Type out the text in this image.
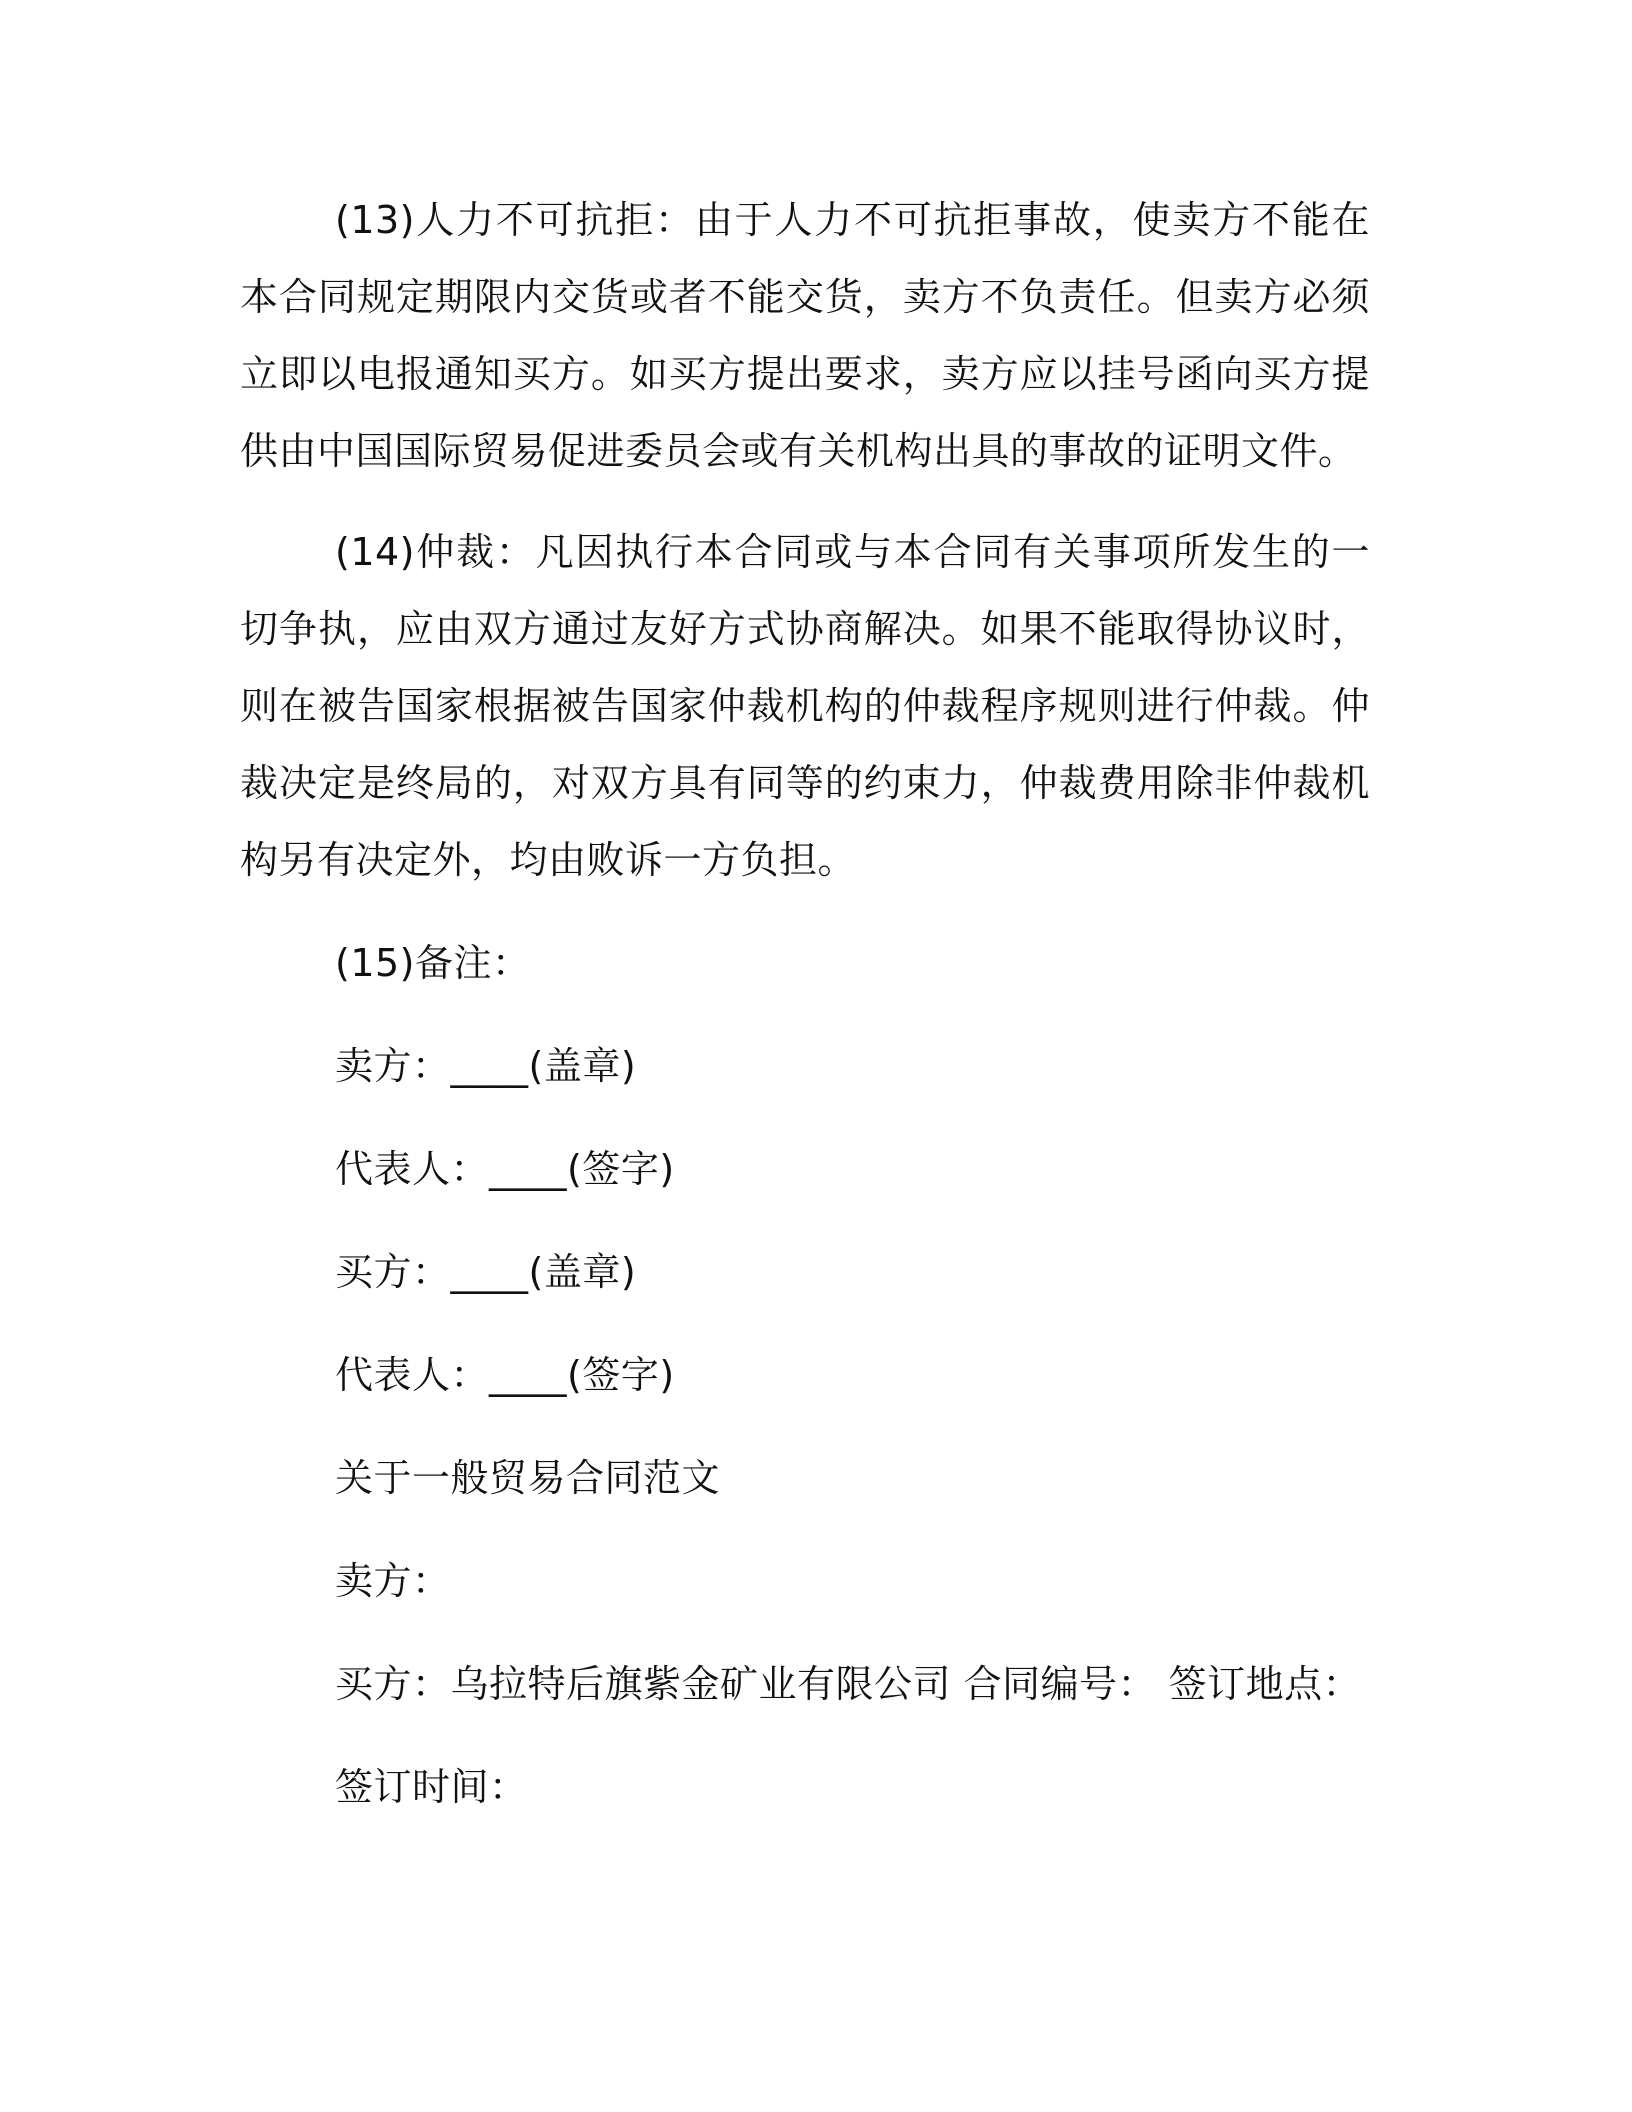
(13)人力不可抗拒：由于人力不可抗拒事故，使卖方不能在本合同规定期限内交货或者不能交货，卖方不负责任。但卖方必须立即以电报通知买方。如买方提出要求，卖方应以挂号函向买方提供由中国国际贸易促进委员会或有关机构出具的事故的证明文件。

(14)仲裁：凡因执行本合同或与本合同有关事项所发生的一切争执，应由双方通过友好方式协商解决。如果不能取得协议时，则在被告国家根据被告国家仲裁机构的仲裁程序规则进行仲裁。仲裁决定是终局的，对双方具有同等的约束力，仲裁费用除非仲裁机构另有决定外，均由败诉一方负担。

(15)备注：

卖方：____(盖章)

代表人：____(签字)

买方：____(盖章)

代表人：____(签字)

关于一般贸易合同范文

卖方：

买方：乌拉特后旗紫金矿业有限公司 合同编号： 签订地点：

签订时间：
